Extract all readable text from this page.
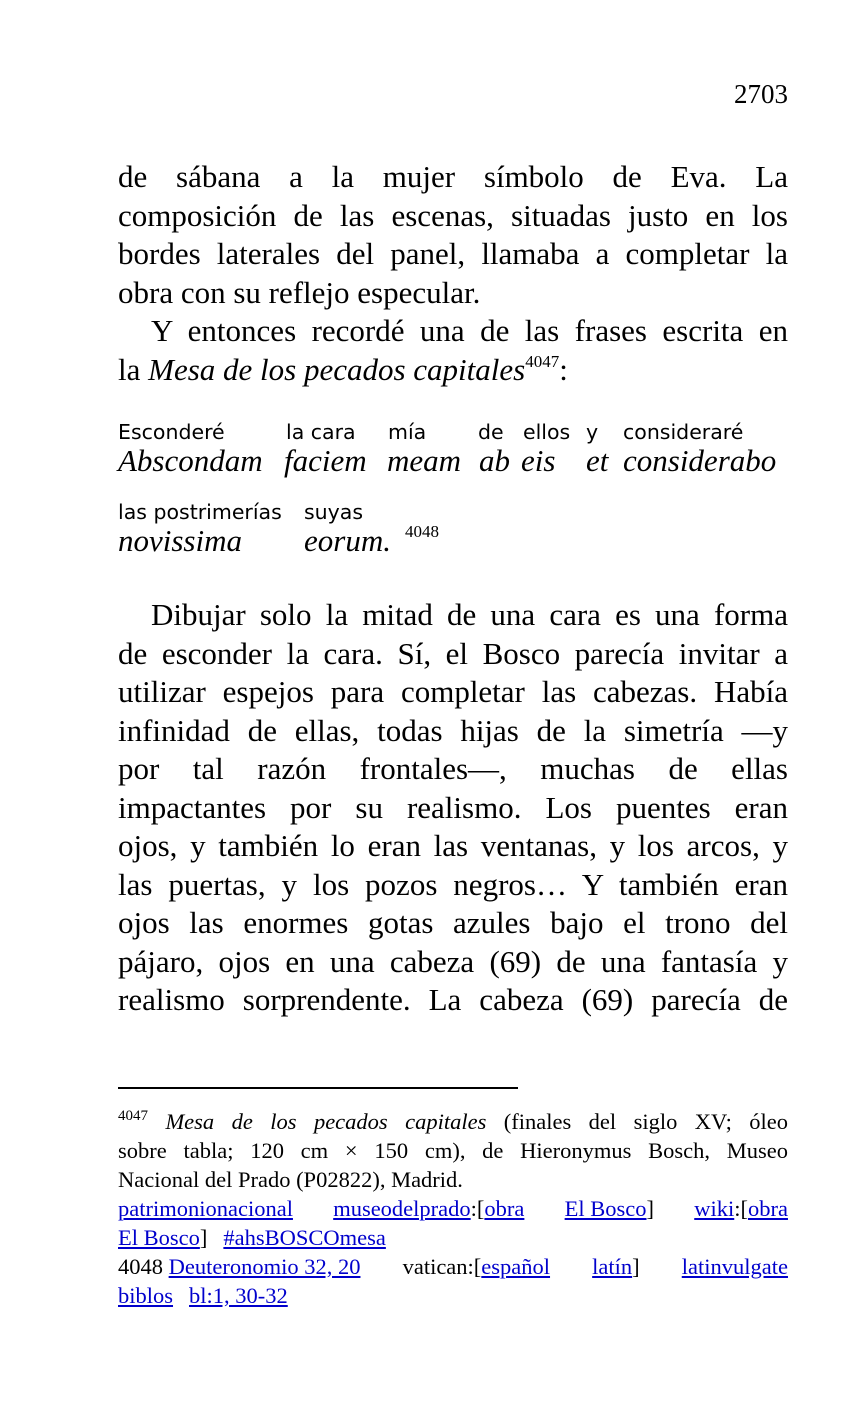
2703

de sábana a la mujer símbolo de Eva. La

composición de las escenas, situadas justo en los

bordes laterales del panel, llamaba a completar la

obra con su reflejo especular.

Y entonces recordé una de las frases escrita en

la Mesa de los pecados capitales$^{4047}$:

Esconderé	la cara mía	de ellos y consideraré
Abscondam faciem meam ab eis et considerabo
las postrimerías suyas
novissima eorum. 4048

Dibujar solo la mitad de una cara es una forma

de esconder la cara. Sí, el Bosco parecía invitar a

utilizar espejos para completar las cabezas. Había

infinidad de ellas, todas hijas de la simetría —y

por tal razón frontales—, muchas de ellas

impactantes por su realismo. Los puentes eran

ojos, y también lo eran las ventanas, y los arcos, y

las puertas, y los pozos negros… Y también eran

ojos las enormes gotas azules bajo el trono del

pájaro, ojos en una cabeza (69) de una fantasía y

realismo sorprendente. La cabeza (69) parecía de

$^{4047}$ Mesa de los pecados capitales (finales del siglo XV; óleo

sobre tabla; 120 cm × 150 cm), de Hieronymus Bosch, Museo

Nacional del Prado (P02822), Madrid.

patrimonionacional museodelprado:[obra El Bosco] wiki:[obra
El Bosco ] #ahsBOSCOmesa
4048 Deuteronomio 32, 20 vatican:[español latín] latinvulgate
biblos bl:1, 30-32
